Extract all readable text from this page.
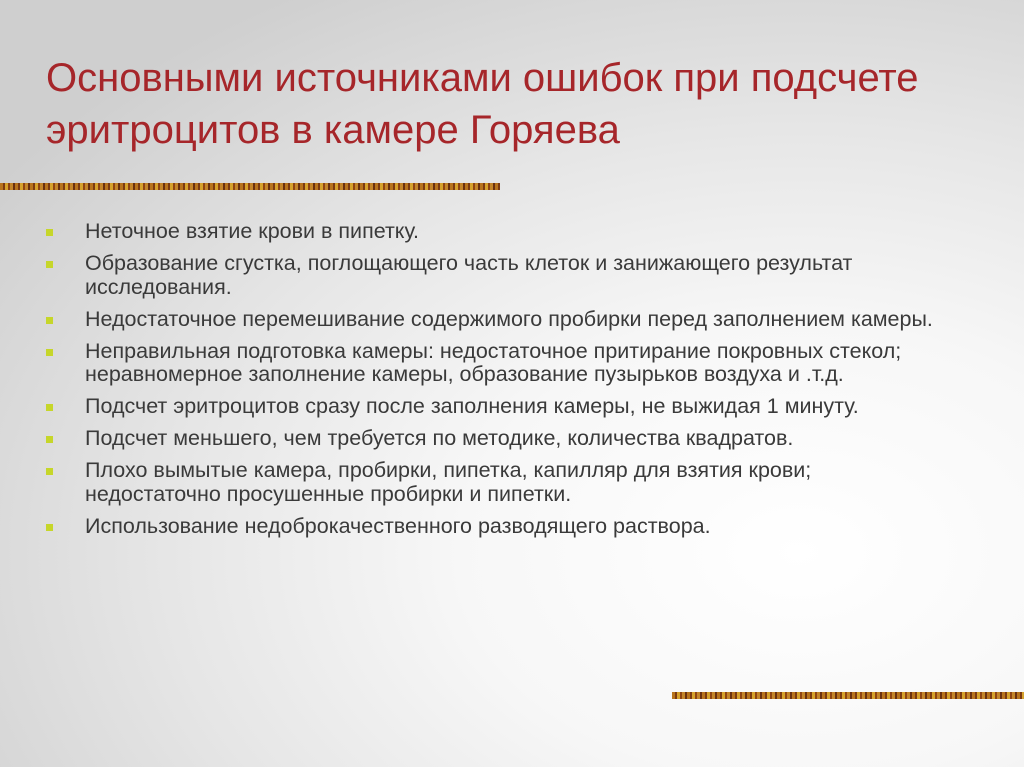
Основными источниками ошибок при подсчете эритроцитов в камере Горяева
Неточное взятие крови в пипетку.
Образование сгустка, поглощающего часть клеток и занижающего результат исследования.
Недостаточное перемешивание содержимого пробирки перед заполнением камеры.
Неправильная подготовка камеры: недостаточное притирание покровных стекол; неравномерное заполнение камеры, образование пузырьков воздуха и .т.д.
Подсчет эритроцитов сразу после заполнения камеры, не выжидая 1 минуту.
Подсчет меньшего, чем требуется по методике, количества квадратов.
Плохо вымытые камера, пробирки, пипетка, капилляр для взятия крови; недостаточно просушенные пробирки и пипетки.
Использование недоброкачественного разводящего раствора.
